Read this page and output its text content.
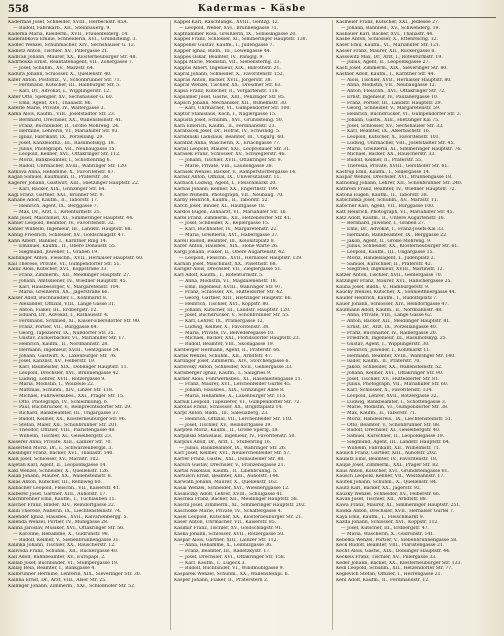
558	Kadermas – Käsbe
Kadermas Josef, Schneider, XVIII., Herbeckstr. 85A.
— Rudolf, Fabrikarb., XII., Steinbauerg. 9.
Kaderka Maria, Kleiderm., XVII., Frauenfelderg. 14.
Kadeřábková Emilie, Schneiderin, XVI., Grundsteing. 3.
Kadlec Wenzel, Schuhmacher, XIV., Sechshauser G. 12.
Kadletz Anton, Tischler, XV., Pillergasse 21.
Kadlčak Johann, Maurer, XX., Klosterneuburger Str. 48.
Kadrnoška Ernst, Realitätenagent, VII., Zollergasse 7.
— Josef, Schuhm., XV., Märzstr. 64.
Kadura Johann, Schlosser, X., Quellenstr. 40.
Käfer Anton, Postoffiz., V., Schönbrunner Str. 71.
— Ferdinand, Kutscher, III., Hainburger Str. 5.
— Karl, Dr., Advokat, I., Wipplingerstr. 12.
Käfer Otto, Spengler, XV., Sechshauser G. 60.
— Emil, Agent, XVI., Thaliastr. 86.
Kaferle Marie, Private, IV., Waltergasse 3.
Kafka Alois, Kaufm., VIII., Josefstädter Str. 23.
— Bernhard, Drechsler, XX., Wallensteinstr. 41.
— Franz, Buchbinder, II., Große Mohreng. 24.
— Hermine, Lehrerin, VI., Mariahilfer Str. 93.
— Ignaz, Fabrikant, IX., Porzellang. 29.
— Josef, Kanzleioffiz., III., Rasumofskyg. 18.
— Julius, Photograph, VII., Neubaugasse 15.
— Leopold, Kellner, XVI., Ottakringer Str. 112.
— Moriz, Bankbeamter, I., Schottenring 6.
— Rudolf, Uhrmacher, XVIII., Währinger Str. 120.
Kafková Anna, Hebamme, X., Favoritenstr. 87.
Kagan Samuel, Kaufmann, II., Praterstr. 38.
Kagerer Johann, Gastwirt, XIII., Hietzinger Hauptstr. 22.
— Karl, Bäcker, XIX., Grinzinger Str. 64.
Kagl Franz, Gärtner, XXI., Brünner Str. 9.
Kahane Adolf, Kaufm., II., Taborstr. 17.
— Heinrich, Agent, IX., Berggasse 7.
— Max, Dr., Arzt, I., Rotenturmstr. 25.
Kahl Josef, Maschinist, XI., Simmeringer Hauptstr. 44.
Kahler Leopold, Beamter, IV., Favoritenstr. 32.
Kähler Wilhelm, Ingenieur, III., Landstr. Hauptstr. 88.
Kahlig Friedrich, Schlosser, XV., Goldschlagstr. 47.
Kahn Albert, Bankier, I., Kärntner Ring 14.
— Emanuel, Kaufm., II., Obere Donaustr. 55.
— Siegmund, Juwelier, I., Graben 19.
Kaiblinger Anton, Fleischh., XVII., Hernalser Hauptstr. 60.
Kail Therese, Private, VI., Gumpendorfer Str. 51.
Kainz Alois, Kutscher, XVI., Koppstraße 33.
— Franz, Zimmerm., XII., Meidlinger Hauptstr. 27.
— Johann, Amtsdiener, IV., Wiedner Hauptstr. 45.
— Karl, Hausbesorger, V., Margaretenstr. 104.
— Maria, Greißlerin, XX., Jägerstraße 66.
Kaiser Adolf, Buchhändler, I., Kohlmarkt 8.
— Alexander, Offizial, VIII., Lange Gasse 31.
— Anton, Fiaker, III., Erdbergstr. 12.
— Eduard, Dr., Advokat, I., Rathausstr. 4.
— Ferdinand, Schmied, XI., Kaiser-Ebersdorfer Str. 90.
— Franz, Portier, VII., Burggasse 64.
— Georg, Tapezierer, IX., Nußdorfer Str. 35.
— Gustav, Zuckerbäcker, VI., Mariahilfer Str. 17.
— Heinrich, Kaufm., II., Nordbahnstr. 28.
— Hermann, Ingenieur, XVIII., Gentzgasse 54.
— Johann, Gastwirt, X., Laxenburger Str. 76.
— Josef, Kanzlist, XV., Felberstr. 19.
— Karl, Baumeister, XIX., Döblinger Hauptstr. 11.
— Leopold, Drechsler, XVI., Brunnengasse 42.
— Ludwig, Lehrer, XVII., Rötzergasse 9.
— Maria, Modistin, I., Wollzeile 22.
— Matthias, Schuhm., XIV., Linzer Str. 118.
— Michael, Fuhrwerksbes., XXI., Prager Str. 15.
— Otto, Photograph, IV., Schleifmühlg. 6.
— Paul, Buchdrucker, V., Reinprechtsdorfer Str. 29.
— Richard, Bankbeamter, III., Ungargasse 37.
— Rudolf, Kellner, XX., Klosterneuburger Str. 96.
— Stefan, Maler, XII., Schönbrunner Str. 201.
— Theodor, Offizier, VIII., Piaristengasse 48.
— Wilhelm, Tischler, XI., Geiselbergstr. 23.
Kaiserer Anna, Private, XIII., Lainzer Str. 70.
Kaiserfeld Moriz, Dr., I., Schwarzenbergpl. 3.
Kaislinger Franz, Bäcker, XVI., Thaliastr. 140.
Kaiß Josef, Schlosser, XV., Märzstr. 102.
Kajetan Karl, Agent, II., Leopoldsgasse 14.
Kakl Wenzel, Schneider, X., Quellenstr. 126.
Kalab Johann, Maurer, XX., Wallensteinstr. 8.
Kalas Anton, Kutscher, III., Rennweg 60.
Kalbacher Leopold, Fleischh., VII., Kaiserstr. 41.
Kalberer Josef, Gärtner, XIII., Auhofstr. 17.
Kalchbrenner Emil, Kaufm., I., Tuchlauben 11.
Kalcher Franz, Binder, XIV., Reindorfgasse 22.
Kaldi Therese, Näherin, IX., Liechtensteinstr. 74.
Kalender Ignaz, Hausbes., XVII., Kalvarienbergg. 5.
Kalenda Wenzel, Portier, IV., Mühlgasse 28.
Kalina Jaroslav, Musiker, XVI., Ottakringer Str. 56.
— Karoline, Hebamme, X., Gudrunstr. 98.
— Rudolf, Kellner, V., Siebenbrunnengasse 31.
Kalinka Johann, Tischler, XX., Rauscherstr. 12.
Kalivoda Franz, Schuhm., XII., Ruckergasse 40.
Kall Adolf, Bahnbeamter, XV., Europapl. 2.
Kallab Josef, Buchbinder, VI., Stumpergasse 19.
Kallay Béla, Beamter, I., Bankgasse 4.
Kallbrunner Hermine, Lehrerin, XIX., Sieveringer Str. 30.
Kallina Ernst, Dr., Arzt, VIII., Alser Str. 25.
Kallinger Johann, Zimmerm., XXI., Schloßhofer Str. 52.
Käppel Karl, Rauchfangk., XVIII., Gentzg. 12.
— Leopold, Weber, XVI., Brunnengasse 71.
Kapfhammer Rosa, Greißlerin, IX., Sobieskigasse 20.
Kappel Franz, Schlosser, XI., Simmeringer Hauptstr. 130.
Kappeller Gustav, Kaufm., I., Judengasse 7.
Kapper Ignaz, Bildh., III., Löwengasse 44.
Kappes Oskar, Beamter, IV., Paniglg. 9.
Kappl Marie, Modistin, VII., Siebensterng. 33.
Kappus Albert, Ingenieur, XIX., Billrothstr. 21.
Kapral Johann, Schneider, X., Favoritenstr. 152.
Kapras Anton, Bäcker, XVII., Jörgerstr. 38.
Kaprál Wenzel, Tischler, XX., Dresdner Str. 63.
Kapsa Franz, Kutscher, II., Vorgartenstr. 118.
Kapsamer Josef, Gastw., XIII., Penzinger Str. 85.
Kapsch Johann, Mechaniker, XII., Wilhelmstr. 30.
— Karl, Uhrmacher, VI., Gumpendorfer Str. 100.
Kaptur Stanislaus, Koch, I., Naglergasse 15.
Kapusta Josef, Schuhm., XVI., Grundsteing. 50.
Kara Emerich, Kaufm., II., Ferdinandstr. 23.
Karabacek Josef, Dr., Hofrat, IV., Schwindg. 5.
Karabinski Ladislaus, Beamter, III., Ungarg. 60.
Karafiat Anna, Wäscherin, X., Erlachgasse 77.
Karall Leopold, Maurer, XXI., Leopoldauer Str. 31.
Karasek Franz, Schlosser, XV., Schweglerstr. 46.
— Johann, Tischler, XVII., Ottakringer Str. 9.
— Marie, Private, VIII., Laudongasse 38.
Karásek Wenzel, Bäcker, V., Ramperstorffergasse 14.
Karasz Anton, Offizial, IX., Universitätsstr. 11.
Karbach Ludwig, Agent, I., Fleischmarkt 20.
Karbas Johann, Kellner, XX., Engerthstr. 199.
Karbe Wilhelm, Photograph, VII., Neubaug. 70.
Karby Heinrich, Kaufm., II., Taborstr. 52.
Karch Josef, Binder, XI., Hauffgasse 18.
Kárdos Eugen, Zahnarzt, VI., Mariahilfer Str. 1b.
Karel Franz, Zimmerm., XII., Hetzendorfer Str. 41.
— Josef, Schneider, X., Keplergasse 15.
— Karl, Buchhalter, IV., Margaretenstr. 22.
— Maria, Greißlerin, XVI., Haberlgasse 37.
Karell Rudolf, Beamter, III., Kolonitzplatz 8.
Karer Anton, Hausbes., XIX., Hohe Warte 26.
Kargl Johann, Fiaker, II., Obere Augartenstr. 42.
— Leopold, Fleischh., XVII., Hernalser Hauptstr. 139.
Karhan Josef, Maschinist, XX., Pasettistr. 68.
Kariger Alois, Drechsler, VII., Zieglergasse 51.
Karl Adolf, Kaufm., I., Rotenturmstr. 5.
— Anna, Modistin, VI., Magdalenenstr. 18.
— Emil, Ingenieur, XVIII., Währinger Str. 97.
— Franz, Schlosser, XV., Hütteldorfer Str. 42.
— Georg, Gärtner, XIII., Hietzinger Hauptstr. 66.
— Heinrich, Tischler, XVI., Koppstr. 80.
— Johann, Kutscher, III., Landstr. Hauptstr. 120.
— Josef, Buchdrucker, V., Schönbrunner Str. 55.
— Karl, Lehrer, IX., Pramergasse 12.
— Ludwig, Kellner, X., Favoritenstr. 38.
— Maria, Private, IV., Belvederegasse 10.
— Michael, Bäcker, XXI., Floridsdorfer Hauptstr. 23.
— Rudolf, Beamter, VIII., Skodagasse 19.
Karlberger Hermann, Agent, II., Praterstr. 66.
Karlik Wenzel, Schuhm., XII., Arndtstr. 47.
Karlinger Josef, Zimmerm., XIV., Storchengasse 6.
Karlovsky Anton, Schneider, XVII., Geblergasse 33.
Karlsberger Ignaz, Kaufm., I., Salzgries 9.
Karner Alois, Fuhrwerksbes., XI., Hasenleitengasse 11.
— Franz, Maurer, XVI., Lerchenfelder Gürtel 45.
— Johann, Hausbes., XIX., Grinzinger Allee 8.
— Maria, Hebamme, X., Laxenburger Str. 115.
Karnik Leopold, Tapezierer, VI., Gumpendorfer Str. 72.
Karolus Franz, Schlosser, XX., Brigittaplatz 14.
Karpf Anton, Bildh., III., Salesianerg. 23.
— Heinrich, Offizial, VII., Lerchenfelder Str. 110.
— Josef, Tischler, XV., Reindorfgasse 39.
Karpfen Moriz, Kaufm., II., Große Sperlg. 18.
Karpinski Stanislaus, Ingenieur, IV., Favoritenstr. 50.
Karplus Adolf, Dr., Arzt, I., Stubenring 16.
— Julius, Bankbeamter, IX., Währinger Str. 26.
Karr Josef, Kellner, XVI., Neulerchenfelder Str. 57.
Karrer Franz, Gastw., XXI., Donaufelder Str. 88.
Karsch Gustav, Drechsler, V., Franzensgasse 21.
Kartal Nikolaus, Kaufm., II., Lilienbrunng. 5.
Kartusch Ernst, Beamter, XIII., Auhofstr. 144.
Karwath Johann, Maurer, X., Quellenstr. 162.
Kasal Wenzel, Schneider, XVI., Wiesberggasse 12.
Kasaliczky Adolf, Lehrer, XVIII., Schulgasse 41.
Kaschka Franz, Bäcker, XII., Meidlinger Hauptstr. 58.
Kaschl Josef, Zimmerm., XI., Simmeringer Hauptstr. 202.
Kascholke Marie, Private, IV., Schäffergasse 4.
Kasel Leopold, Kutscher, XX., Klosterneuburger Str. 21.
Kaser Anton, Uhrmacher, VII., Kaiserstr. 85.
Kasimir Franz, Tischler, XV., Goldschlagstr. 91.
Kaska Johann, Schlosser, XVII., Rötzergasse 50.
Kaspar Alois, Gärtner, XIII., Lainzer Str. 112.
— Anna, Hebamme, X., Leibnizgasse 36.
— Franz, Beamter, III., Radetzkystr. 17.
— Josef, Drechsler, XVI., Ottakringer Str. 158.
— Karl, Kaufm., I., Lugeck 3.
— Rudolf, Buchbinder, VI., Windmühlgasse 9.
Kasparek Wenzel, Schuhm., XX., Wallensteinpl. 6.
Kasper Johann, Fiaker, II., Praterstern 2.
Käsmeier Franz, Kutscher, XXI., Jedlesee 27.
— Johann, Bahnbed., XV., Schwenderg. 19.
Käsbauer Karl, Bäcker, XVI., Thaliastr. 44.
Käsbe Anton, Schlosser, X., Ettenreichg. 12.
Käser Emil, Kaufm., VI., Mariahilfer Str. 121.
Kasser Franz, Maurer, XII., Ruckergasse 8.
Kassowitz Max, Dr., Arzt, I., Rotenturmstr. 19.
— Julius, Agent, II., Leopoldsgasse 27.
Kastl Josef, Zimmerm., XIX., Sieveringer Str. 80.
Kastner Adolf, Kaufm., I., Kärntner Str. 44.
— Alois, Tischler, XVII., Hernalser Hauptstr. 80.
— Anna, Modistin, VII., Neubaugasse 12.
— Anton, Fleischh., XVI., Ottakringer Str. 72.
— Ernst, Ingenieur, IV., Paulanergasse 10.
— Franz, Portier, III., Landstr. Hauptstr. 29.
— Georg, Schneider, V., Margaretenstr. 59.
— Heinrich, Buchdrucker, VI., Gumpendorfer Str. 3.
— Johann, Gastw., XIII., Hietzinger Kai 75.
— Josef, Schlosser, XV., Sechshauser Str. 33.
— Karl, Beamter, IX., Alserbachstr. 16.
— Leopold, Kutscher, X., Favoritenstr. 101.
— Ludwig, Uhrmacher, VIII., Josefstädter Str. 45.
— Maria, Greißlerin, XI., Simmeringer Hauptstr. 76.
— Michael, Bäcker, XX., Rauscherstr. 33.
— Rudolf, Kellner, II., Praterstr. 55.
— Theresia, Private, XVIII., Gersthofer Str. 61.
Kastrup Emil, Kaufm., I., Seilergasse 14.
Kašpar Wenzel, Drechsler, XVI., Brunnengasse 18.
Katholnig Johann, Lehrer, XII., Schönbrunner Str. 240.
Kathrein Franz, Beamter, IV., Wiedner Hauptstr. 72.
Katona Eugen, Kaufm., II., Taborstr. 38.
Katschinka Josef, Schuhm., XV., Märzstr. 11.
Katscher Karl, Agent, VII., Burggasse 100.
Katt Heinrich, Photograph, VI., Mariahilfer Str. 45.
Katz Adolf, Kaufm., II., Untere Augartenstr. 16.
— Bernhard, Juwelier, I., Graben 27.
— Emil, Dr., Advokat, I., Franz-Josefs-Kai 33.
— Hermann, Bankbeamter, IX., Berggasse 22.
— Jakob, Agent, II., Große Mohreng. 9.
— Julius, Schneider, XX., Klosterneuburger Str. 61.
— Leopold, Kaufm., III., Ungargasse 15.
— Moriz, Handelsagent, I., Judenplatz 2.
— Samuel, Kürschner, II., Praterstr. 42.
— Siegfried, Ingenieur, XVIII., Martinstr. 12.
Katzer Anton, Tischler, XVII., Geblergasse 70.
Katzinger Franz, Maurer, XVI., Habichergasse 25.
Kauba Josef, Bildh., V., Hamburgerstr. 9.
Kaucky Wenzel, Kutscher, X., Sonnleithnergasse 44.
Kauder Heinrich, Kaufm., I., Rudolfsplatz 7.
Kauer Johann, Schlosser, XIV., Reindorfgasse 47.
Kaufmann Adolf, Kaufm., II., Nordbahnstr. 48.
— Anna, Private, VIII., Lange Gasse 62.
— Anton, Bäcker, XII., Meidlinger Hauptstr. 81.
— Ernst, Dr., Arzt, IX., Porzellangasse 40.
— Franz, Buchhalter, IV., Rainergasse 20.
— Friedrich, Ingenieur, III., Rasumofskyg. 25.
— Gustav, Agent, I., Wipplingerstr. 30.
— Heinrich, Juwelier, I., Kohlmarkt 11.
— Hermann, Beamter, XVIII., Währinger Str. 140.
— Isidor, Kaufm., II., Praterstr. 70.
— Jakob, Schneider, XX., Wallensteinstr. 52.
— Johann, Kellner, XVI., Ottakringer Str. 90.
— Josef, Tischler, XV., Hütteldorfer Str. 81.
— Julius, Photograph, VII., Mariahilfer Str. 60.
— Karl, Schlosser, X., Favoritenstr. 134.
— Leopold, Lehrer, XVII., Rötzergasse 22.
— Ludwig, Bankbeamter, I., Schottengasse 3.
— Marie, Modistin, VI., Gumpendorfer Str. 38.
— Max, Kaufm., II., Taborstr. 71.
— Moriz, Handelsreis., IX., Liechtensteinstr. 51.
— Otto, Beamter, V., Schönbrunner Str. 88.
— Rudolf, Drechsler, XI., Geiselbergstr. 40.
— Samuel, Kürschner, II., Leopoldsgasse 19.
— Siegmund, Agent, III., Landstr. Hauptstr. 64.
— Wilhelm, Fabrikant, XII., Wilhelmstr. 71.
Kaulich Franz, Gärtner, XIII., Auhofstr. 202.
Kaunitz Emil, Beamter, IV., Favoritenstr. 18.
Kaupe Josef, Zimmerm., XXI., Prager Str. 82.
Kaus Anton, Kutscher, XVI., Grundsteingasse 61.
Kausch Leopold, Kellner, VII., Westbahnstr. 17.
Kautek Johann, Schuhm., X., Quellenstr. 84.
Kautz Karl, Bäcker, XX., Jägerstr. 92.
Kauzky Wenzel, Schneider, XV., Felberstr. 66.
Kavan Josef, Tischler, XII., Arndtstr. 88.
Kawa Franz, Maurer, XI., Simmeringer Hauptstr. 251.
Kawka Anton, Drechsler, XVII., Hernalser Gürtel 7.
Kaya Emil, Kaufm., I., Fleischmarkt 9.
Kazda Johann, Schlosser, XVI., Koppstr. 112.
— Josef, Kutscher, III., Erdbergstr. 47.
— Maria, Wäscherin, X., Gudrunstr. 141.
Kebelka Wenzel, Portier, V., Siebenbrunnengasse 58.
Keck Rudolf, Beamter, VIII., Piaristengasse 21.
Kecht Alois, Gastw., XIX., Döblinger Hauptstr. 44.
Keckeis Franz, Tischler, XV., Pillergasse 33.
Keder Johann, Bäcker, XX., Klosterneuburger Str. 133.
Kedl Leopold, Schuhm., XII., Hetzendorfer Str. 77.
Keglevich Stefan, Offizier, I., Herrengasse 21.
Kehl Adolf, Kaufm., II., Ferdinandstr. 12.
